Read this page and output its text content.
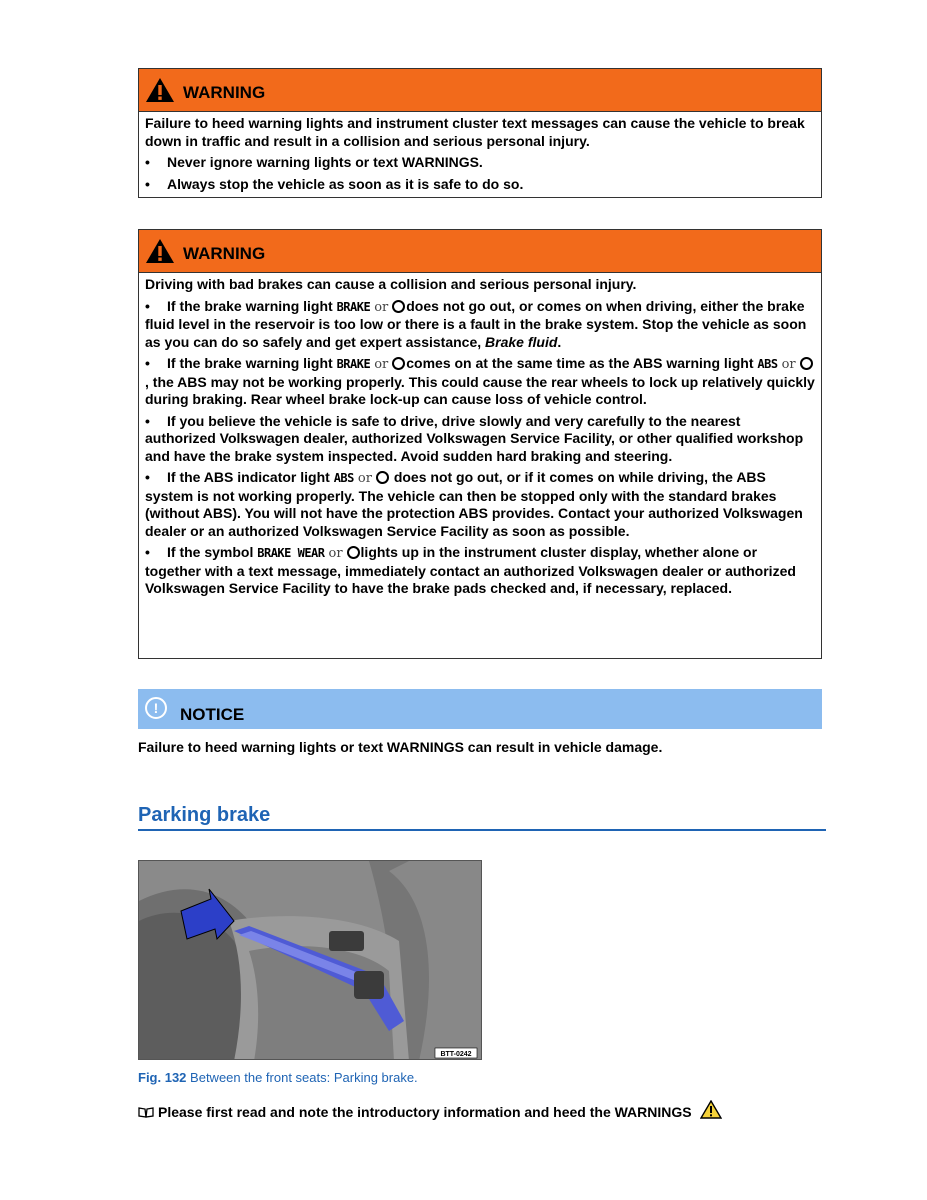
WARNING

Failure to heed warning lights and instrument cluster text messages can cause the vehicle to break down in traffic and result in a collision and serious personal injury.

• Never ignore warning lights or text WARNINGS.
• Always stop the vehicle as soon as it is safe to do so.
WARNING

Driving with bad brakes can cause a collision and serious personal injury.

• If the brake warning light BRAKE or does not go out, or comes on when driving, either the brake fluid level in the reservoir is too low or there is a fault in the brake system. Stop the vehicle as soon as you can do so safely and get expert assistance, Brake fluid.
• If the brake warning light BRAKE or comes on at the same time as the ABS warning light ABS or, the ABS may not be working properly. This could cause the rear wheels to lock up relatively quickly during braking. Rear wheel brake lock-up can cause loss of vehicle control.
• If you believe the vehicle is safe to drive, drive slowly and very carefully to the nearest authorized Volkswagen dealer, authorized Volkswagen Service Facility, or other qualified workshop and have the brake system inspected. Avoid sudden hard braking and steering.
• If the ABS indicator light ABS or does not go out, or if it comes on while driving, the ABS system is not working properly. The vehicle can then be stopped only with the standard brakes (without ABS). You will not have the protection ABS provides. Contact your authorized Volkswagen dealer or an authorized Volkswagen Service Facility as soon as possible.
• If the symbol BRAKE WEAR or lights up in the instrument cluster display, whether alone or together with a text message, immediately contact an authorized Volkswagen dealer or authorized Volkswagen Service Facility to have the brake pads checked and, if necessary, replaced.
!	NOTICE
Failure to heed warning lights or text WARNINGS can result in vehicle damage.
Parking brake
BTT-0242
Fig. 132 Between the front seats: Parking brake.
Please first read and note the introductory information and heed the WARNINGS
